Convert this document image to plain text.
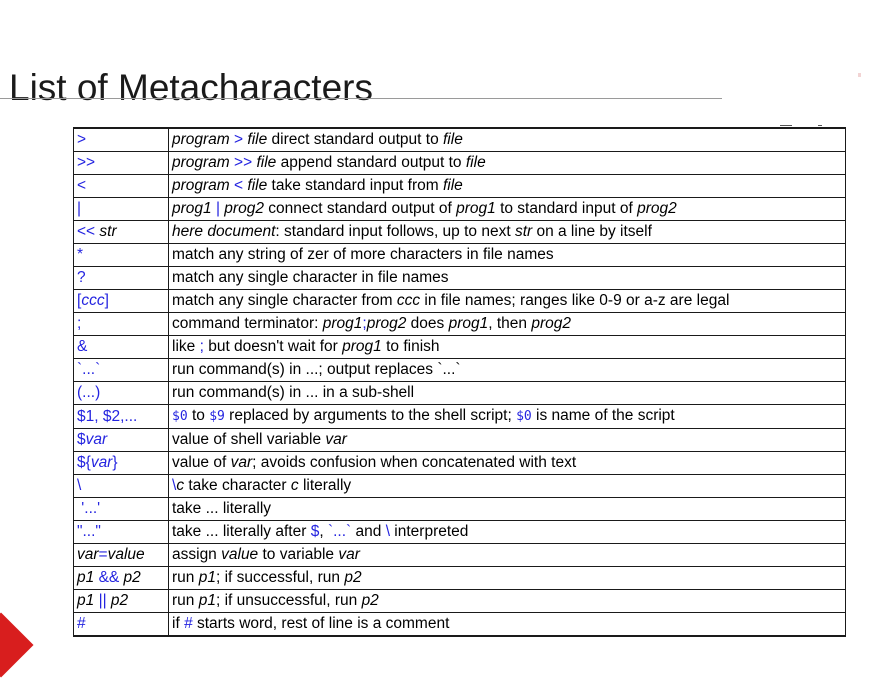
List of Metacharacters
>	program > file direct standard output to file
>>	program >> file append standard output to file
<	program < file take standard input from file
|	prog1 | prog2 connect standard output of prog1 to standard input of prog2
<< str	here document: standard input follows, up to next str on a line by itself
*	match any string of zer of more characters in file names
?	match any single character in file names
[ccc]	match any single character from ccc in file names; ranges like 0-9 or a-z are legal
;	command terminator: prog1;prog2 does prog1, then prog2
&	like ; but doesn't wait for prog1 to finish
`...`	run command(s) in ...; output replaces `...`
(...)	run command(s) in ... in a sub-shell
$1, $2,...	$0 to $9 replaced by arguments to the shell script; $0 is name of the script
$var	value of shell variable var
${var}	value of var; avoids confusion when concatenated with text
\	\c take character c literally
'...'	take ... literally
"..."	take ... literally after $, `...` and \ interpreted
var=value	assign value to variable var
p1 && p2	run p1; if successful, run p2
p1 || p2	run p1; if unsuccessful, run p2
#	if # starts word, rest of line is a comment
